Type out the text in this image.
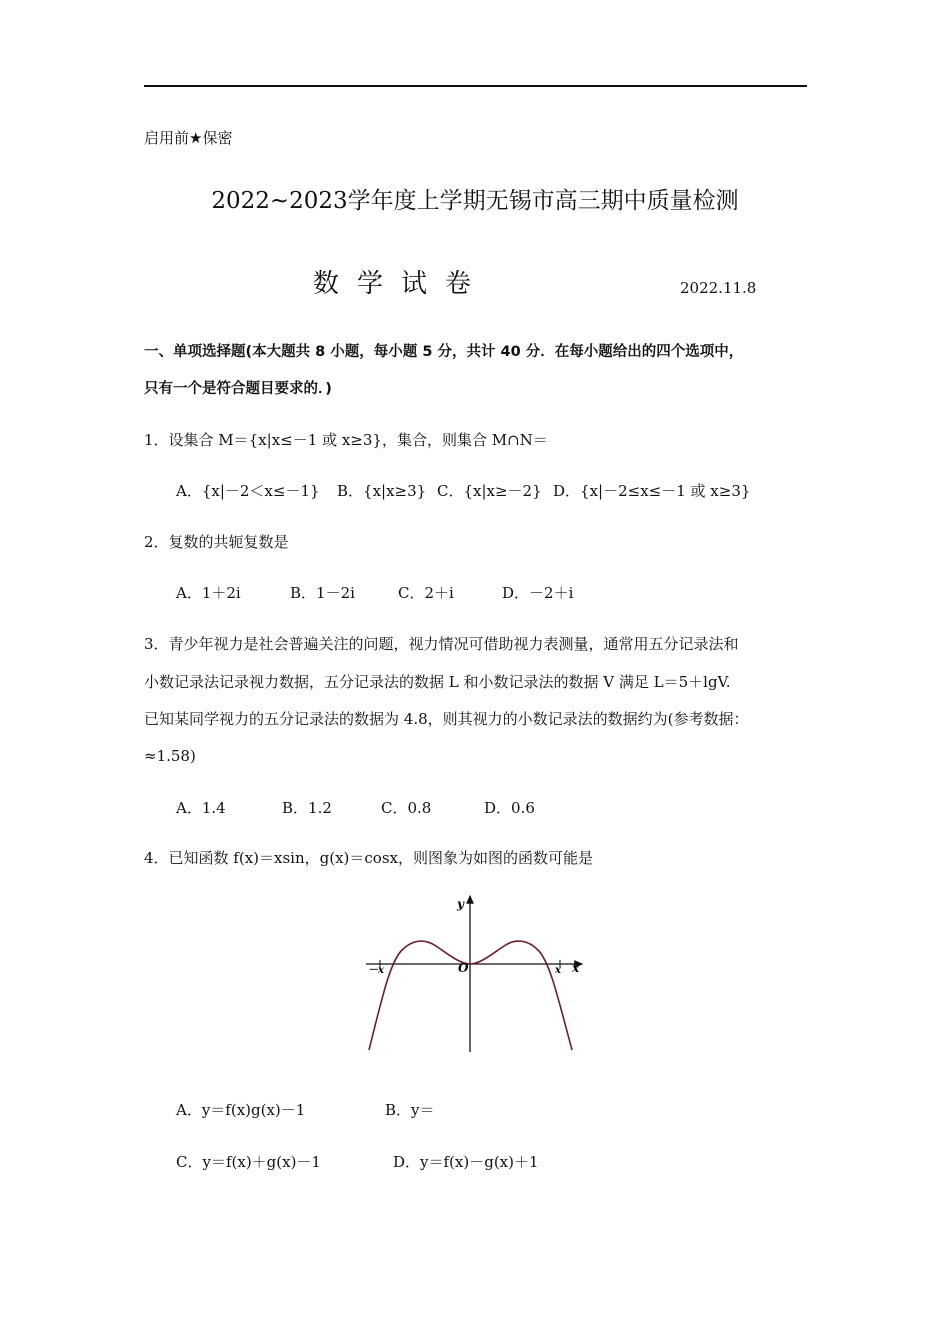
启用前★保密
2022~2023学年度上学期无锡市高三期中质量检测
数学试卷	2022.11.8
一、单项选择题(本大题共 8 小题，每小题 5 分，共计 40 分．在每小题给出的四个选项中，
只有一个是符合题目要求的．)
1．设集合 M＝{x|x≤－1 或 x≥3}，集合，则集合 M∩N＝
A．{x|－2＜x≤－1} B．{x|x≥3} C．{x|x≥－2} D．{x|－2≤x≤－1 或 x≥3}
2．复数的共轭复数是
A．1＋2i	B．1－2i	C．2＋i	D．－2＋i
3．青少年视力是社会普遍关注的问题，视力情况可借助视力表测量，通常用五分记录法和
小数记录法记录视力数据，五分记录法的数据 L 和小数记录法的数据 V 满足 L＝5＋lgV.
已知某同学视力的五分记录法的数据为 4.8，则其视力的小数记录法的数据约为(参考数据：
≈1.58)
A．1.4	B．1.2	C．0.8	D．0.6
4．已知函数 f(x)＝xsin，g(x)＝cosx，则图象为如图的函数可能是
y
x
O
－x	x
A．y＝f(x)g(x)－1	B．y＝
C．y＝f(x)＋g(x)－1	D．y＝f(x)－g(x)＋1
